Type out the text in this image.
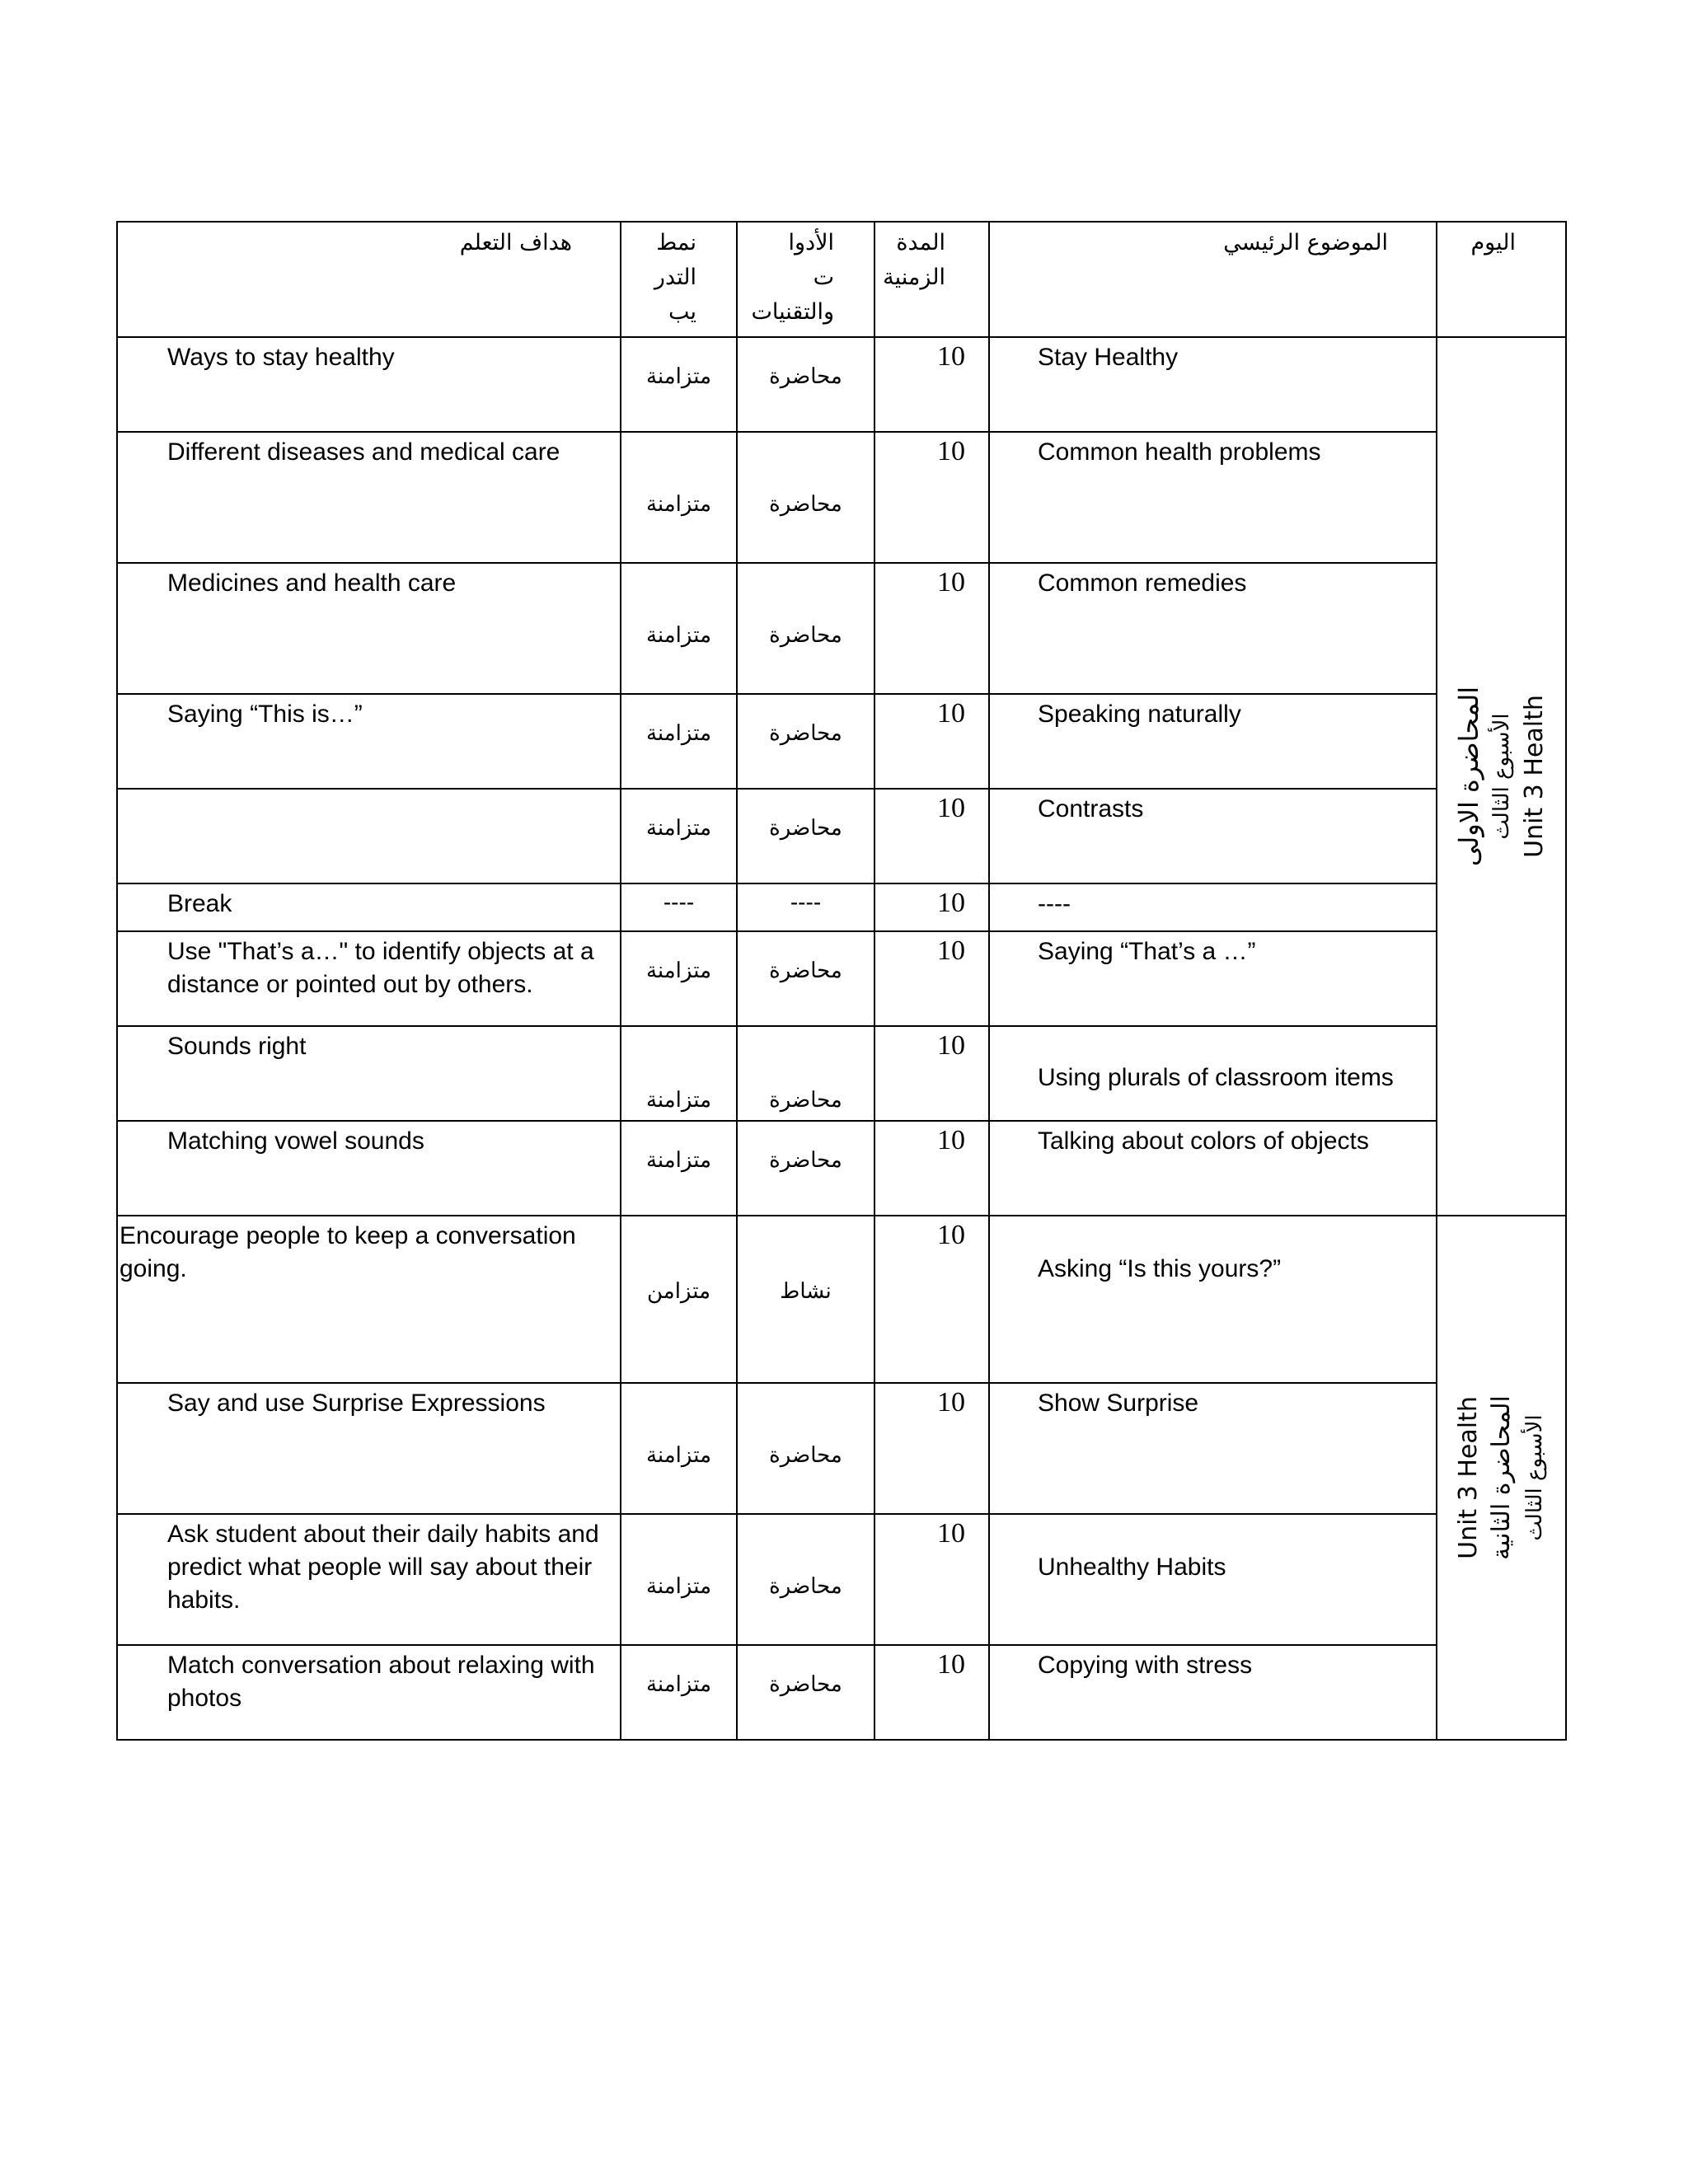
هداف التعلم	نمط التدر يب	الأدوا ت والتقنيات	المدة الزمنية	الموضوع الرئيسي	اليوم

Ways to stay healthy	متزامنة	محاضرة	10	Stay Healthy	المحاضرة الاولى الأسبوع الثالث Unit 3 Health

Different diseases and medical care	متزامنة	محاضرة	10	Common health problems	

Medicines and health care	متزامنة	محاضرة	10	Common remedies	

Saying “This is…”	متزامنة	محاضرة	10	Speaking naturally	

	متزامنة	محاضرة	10	Contrasts	

Break	----	----	10	----	

Use "That’s a…" to identify objects at a distance or pointed out by others.	متزامنة	محاضرة	10	Saying “That’s a …”	

Sounds right	متزامنة	محاضرة	10	Using plurals of classroom items	

Matching vowel sounds	متزامنة	محاضرة	10	Talking about colors of objects	

Encourage people to keep a conversation going.	متزامن	نشاط	10	Asking “Is this yours?”	Unit 3 Health المحاضرة الثانية الأسبوع الثالث

Say and use Surprise Expressions	متزامنة	محاضرة	10	Show Surprise	

Ask student about their daily habits and predict what people will say about their habits.	متزامنة	محاضرة	10	Unhealthy Habits	

Match conversation about relaxing with photos	متزامنة	محاضرة	10	Copying with stress	
